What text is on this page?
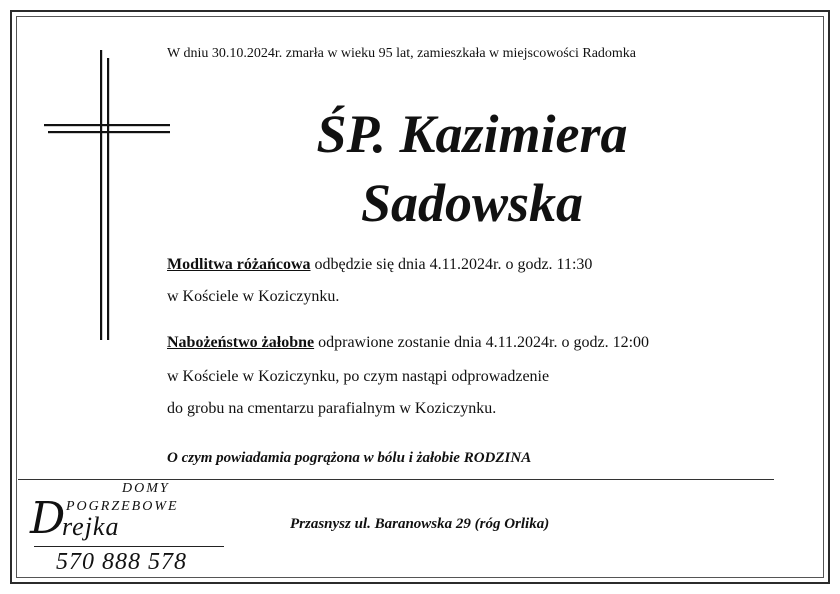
W dniu 30.10.2024r. zmarła w wieku 95 lat, zamieszkała w miejscowości Radomka
ŚP. Kazimiera
Sadowska
Modlitwa różańcowa odbędzie się dnia 4.11.2024r. o godz. 11:30
w Kościele w Koziczynku.
Nabożeństwo żałobne odprawione zostanie dnia 4.11.2024r. o godz. 12:00
w Kościele w Koziczynku, po czym nastąpi odprowadzenie
do grobu na cmentarzu parafialnym w Koziczynku.
O czym powiadamia pogrążona w bólu i żałobie RODZINA
DOMY
POGRZEBOWE
D
rejka
570 888 578
Przasnysz ul. Baranowska 29 (róg Orlika)
